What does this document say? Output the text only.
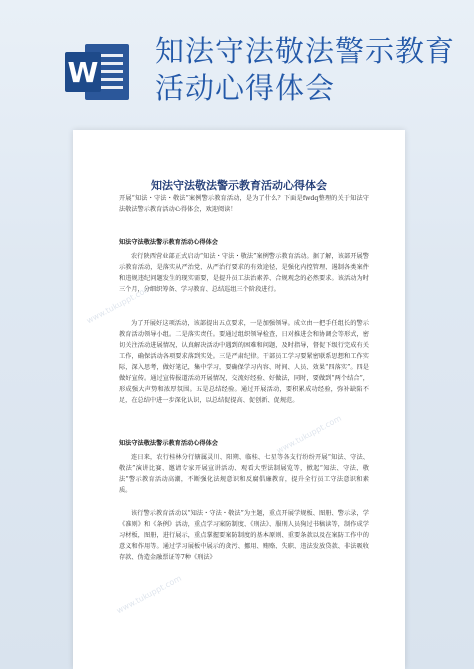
W
知法守法敬法警示教育活动心得体会
www.tukuppt.com
www.tukuppt.com
www.tukuppt.com
知法守法敬法警示教育活动心得体会
开展“知法・守法・敬法”案例警示教育活动，是为了什么？下面是fwdq整理的关于知法守法敬法警示教育活动心得体会，欢迎阅读！
知法守法敬法警示教育活动心得体会
农行陕西营业部正式启动“知法・守法・敬法”案例警示教育活动。据了解，该部开展警示教育活动，是落实从严治党、从严治行要求的有效途径，是强化内控管理、遏制各类案件和违规违纪问题发生的现实需要，是提升员工法治素养、合规观念的必然要求。该活动为时三个月，分细织筹备、学习教育、总结巡组三个阶段进行。
为了开展好这项活动，该部提出五点要求，一是加强领导。成立由一把手任组长的警示教育活动领导小组。二是落实责任。要通过组织领导检查，日对推进会和协调会等形式，密切关注活动进展情况，认真解决活动中遇到的困难和问题，及时指导，督促下级行完成有关工作，确保活动各项要求落到实处。三是严肃纪律。干部员工学习要紧密联系思想和工作实际，深入思考，做好笔记，集中学习，要确保学习内容、时间、人员、效果“四落实”。四是做好宣传。通过宣传报道活动开展情况，交流好经验、好做法，同时，要做到“两个结合”，形成强大声势和浓厚氛围。五是总结经验。通过开展活动，要积累成功经验，弥补缺陷不足，在总结中进一步深化认识，以总结促提高、促创新、促规范。
知法守法敬法警示教育活动心得体会
连日来，农行桂林分行辖属灵川、阳朔、临桂、七星等各支行纷纷开展“知法、守法、敬法”演讲比赛、邀请专家开展宣讲活动、观看大型法制展览等，掀起“知法、守法、敬法”警示教育活动高潮，不断强化法规意识和反腐倡廉教育，提升全行员工守法意识和素质。
该行警示教育活动以“知法・守法・敬法”为主题，重点开展学规板、图册、警示录，学《准则》和《条例》活动，重点学习案防制度、《刑法》、服刑人员狗过书稿读等，制作成学习材板，图册，进行展示，重点掌握要案防制度的基本原则、重要条款以及在案防工作中的意义和作用等。通过学习展板中展示的贪污、挪用、贿赂、失职、违法发放贷款、非法吸收存款、伪造金融票证等7种《刑法》
